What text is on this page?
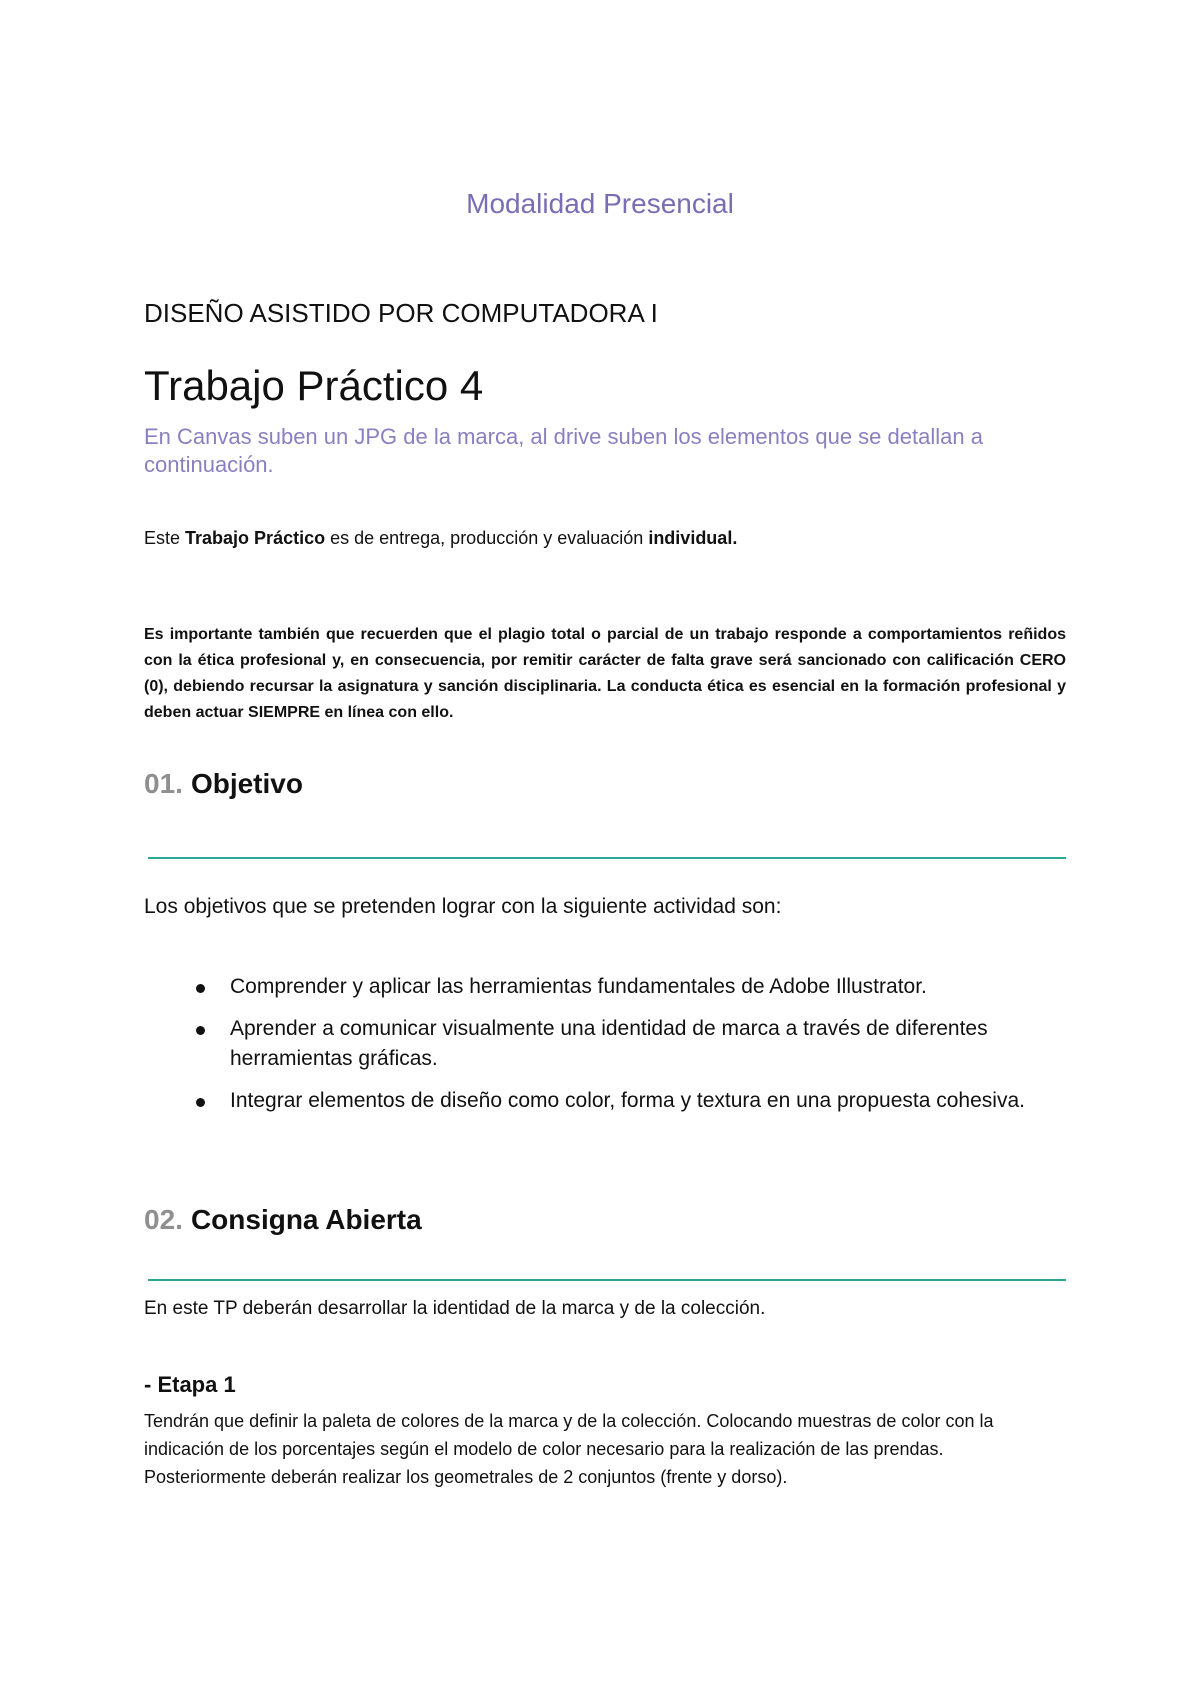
Modalidad Presencial
DISEÑO ASISTIDO POR COMPUTADORA I
Trabajo Práctico 4
En Canvas suben un JPG de la marca, al drive suben los elementos que se detallan a continuación.
Este Trabajo Práctico es de entrega, producción y evaluación individual.
Es importante también que recuerden que el plagio total o parcial de un trabajo responde a comportamientos reñidos con la ética profesional y, en consecuencia, por remitir carácter de falta grave será sancionado con calificación CERO (0), debiendo recursar la asignatura y sanción disciplinaria. La conducta ética es esencial en la formación profesional y deben actuar SIEMPRE en línea con ello.
01. Objetivo
Los objetivos que se pretenden lograr con la siguiente actividad son:
Comprender y aplicar las herramientas fundamentales de Adobe Illustrator.
Aprender a comunicar visualmente una identidad de marca a través de diferentes herramientas gráficas.
Integrar elementos de diseño como color, forma y textura en una propuesta cohesiva.
02. Consigna Abierta
En este TP deberán desarrollar la identidad de la marca y de la colección.
- Etapa 1

Tendrán que definir la paleta de colores de la marca y de la colección. Colocando muestras de color con la indicación de los porcentajes según el modelo de color necesario para la realización de las prendas.

Posteriormente deberán realizar los geometrales de 2 conjuntos (frente y dorso).
